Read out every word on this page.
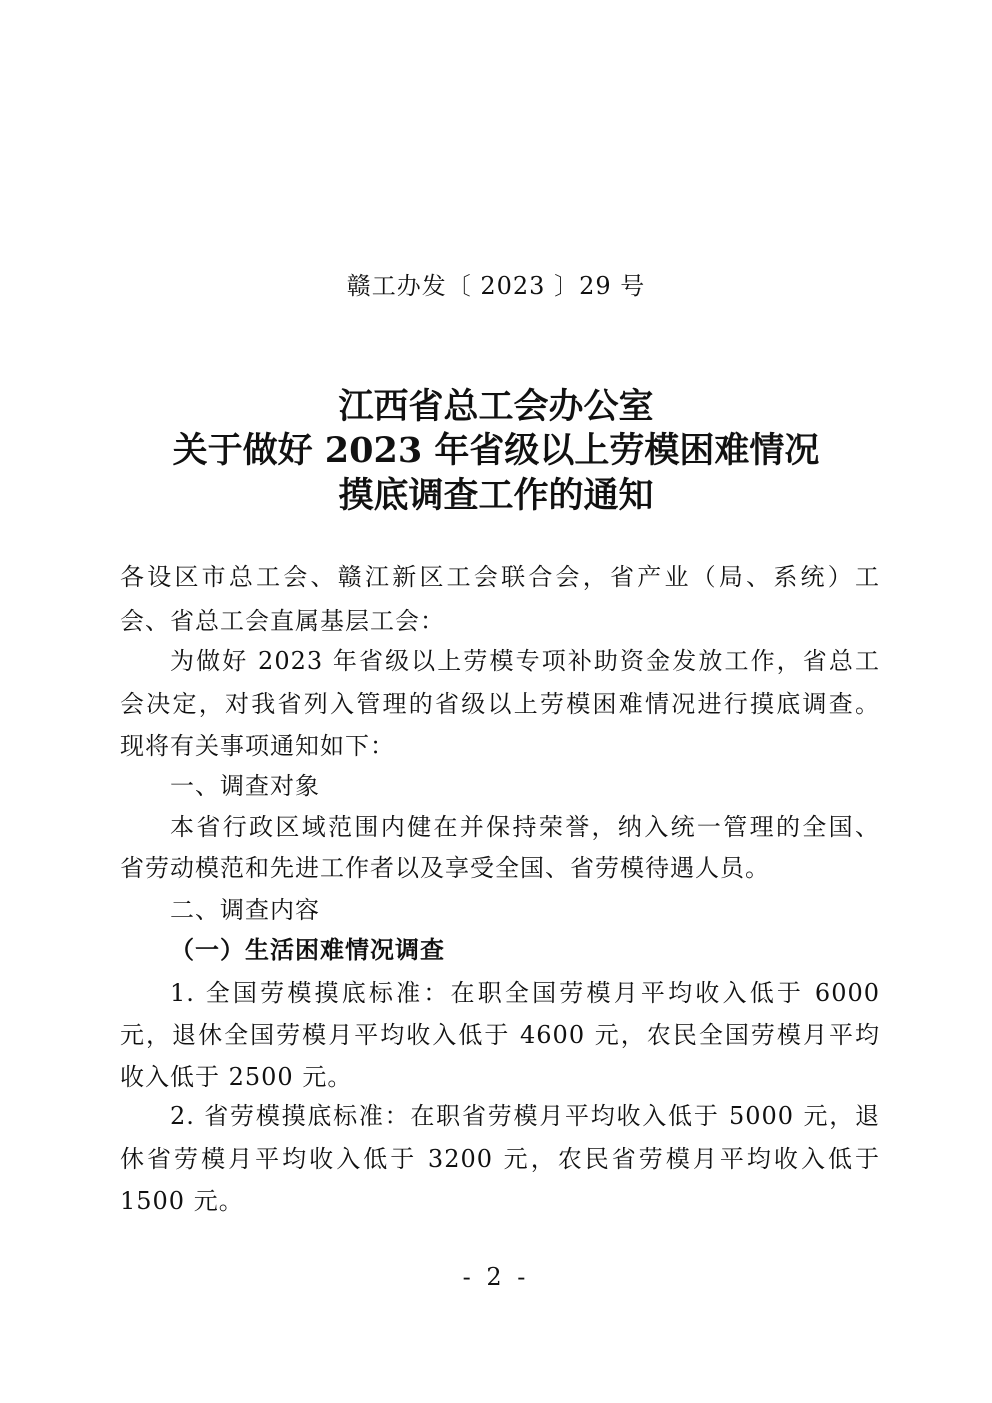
赣工办发〔 2023 〕29 号
江西省总工会办公室
关于做好 2023 年省级以上劳模困难情况
摸底调查工作的通知
各设区市总工会、赣江新区工会联合会，省产业（局、系统）工
会、省总工会直属基层工会：
为做好 2023 年省级以上劳模专项补助资金发放工作，省总工
会决定，对我省列入管理的省级以上劳模困难情况进行摸底调查。
现将有关事项通知如下：
一、调查对象
本省行政区域范围内健在并保持荣誉，纳入统一管理的全国、
省劳动模范和先进工作者以及享受全国、省劳模待遇人员。
二、调查内容
（一）生活困难情况调查
1. 全国劳模摸底标准：在职全国劳模月平均收入低于 6000
元，退休全国劳模月平均收入低于 4600 元，农民全国劳模月平均
收入低于 2500 元。
2. 省劳模摸底标准：在职省劳模月平均收入低于 5000 元，退
休省劳模月平均收入低于 3200 元，农民省劳模月平均收入低于
1500 元。
- 2 -
